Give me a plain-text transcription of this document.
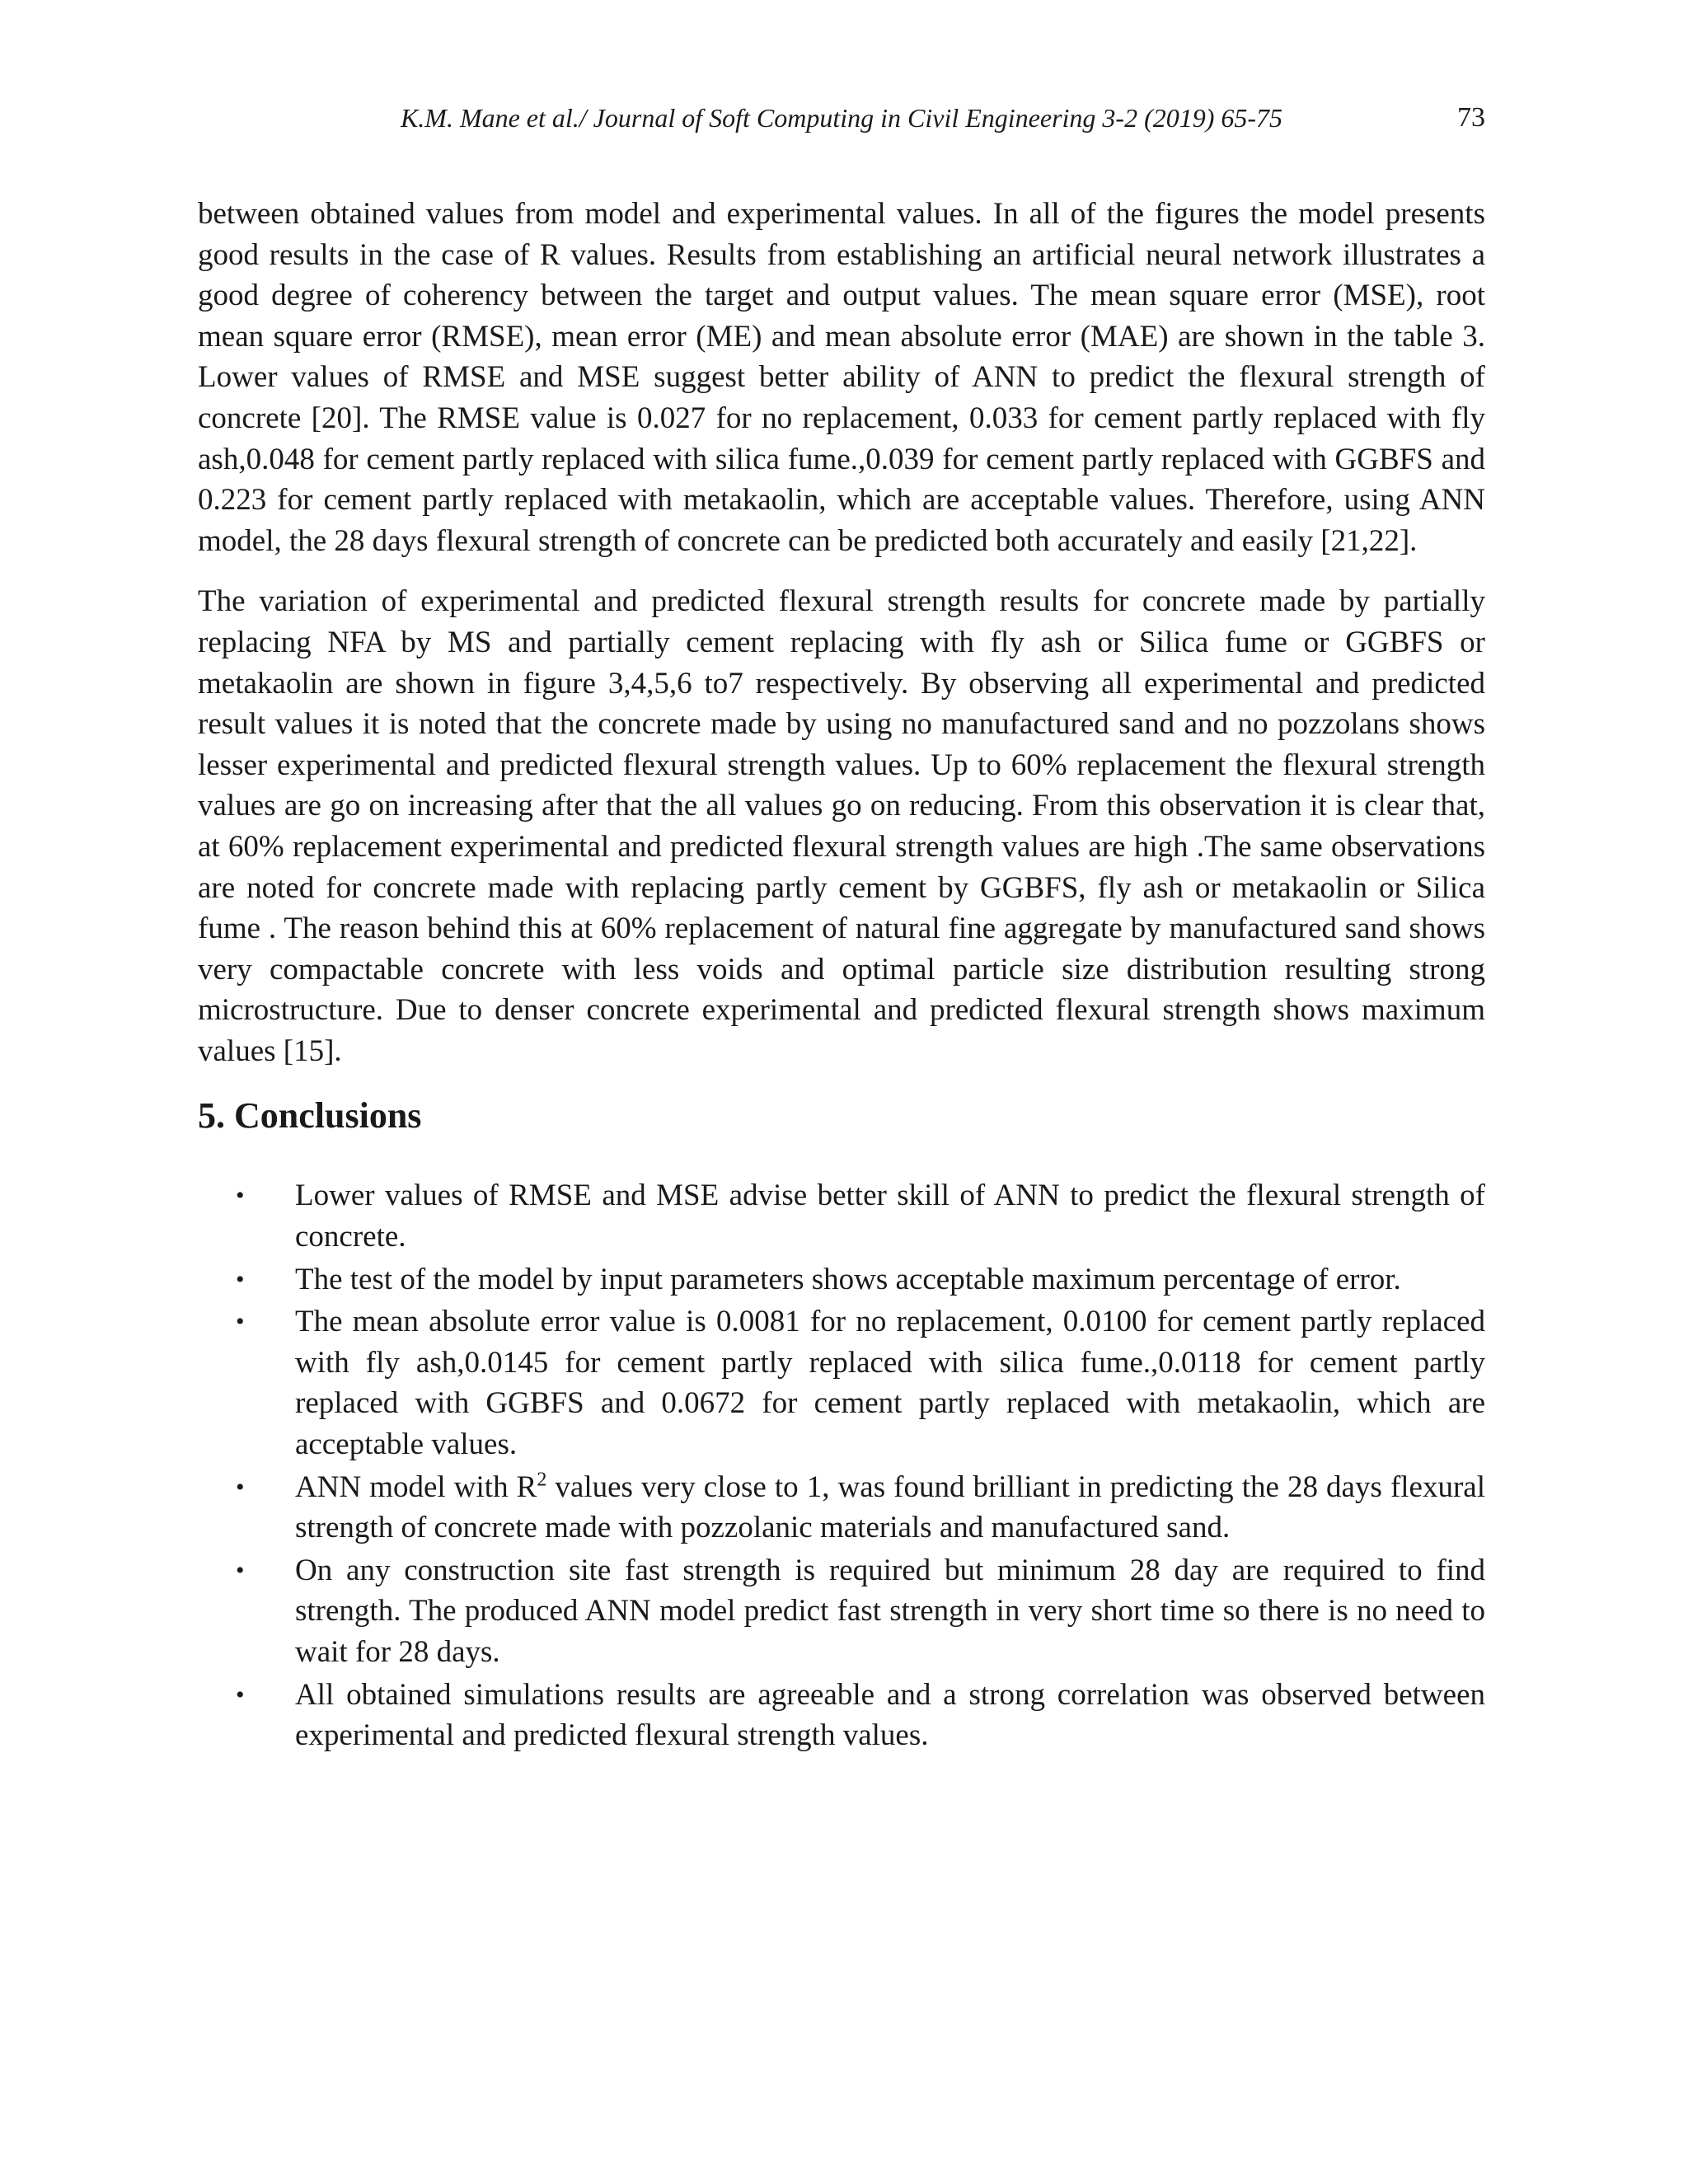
K.M. Mane et al./ Journal of Soft Computing in Civil Engineering 3-2 (2019) 65-75	73

between obtained values from model and experimental values. In all of the figures the model presents good results in the case of R values. Results from establishing an artificial neural network illustrates a good degree of coherency between the target and output values. The mean square error (MSE), root mean square error (RMSE), mean error (ME) and mean absolute error (MAE) are shown in the table 3. Lower values of RMSE and MSE suggest better ability of ANN to predict the flexural strength of concrete [20]. The RMSE value is 0.027 for no replacement, 0.033 for cement partly replaced with fly ash,0.048 for cement partly replaced with silica fume.,0.039 for cement partly replaced with GGBFS and 0.223 for cement partly replaced with metakaolin, which are acceptable values. Therefore, using ANN model, the 28 days flexural strength of concrete can be predicted both accurately and easily [21,22].

The variation of experimental and predicted flexural strength results for concrete made by partially replacing NFA by MS and partially cement replacing with fly ash or Silica fume or GGBFS or metakaolin are shown in figure 3,4,5,6 to7 respectively. By observing all experimental and predicted result values it is noted that the concrete made by using no manufactured sand and no pozzolans shows lesser experimental and predicted flexural strength values. Up to 60% replacement the flexural strength values are go on increasing after that the all values go on reducing. From this observation it is clear that, at 60% replacement experimental and predicted flexural strength values are high .The same observations are noted for concrete made with replacing partly cement by GGBFS, fly ash or metakaolin or Silica fume . The reason behind this at 60% replacement of natural fine aggregate by manufactured sand shows very compactable concrete with less voids and optimal particle size distribution resulting strong microstructure. Due to denser concrete experimental and predicted flexural strength shows maximum values [15].

5. Conclusions
• Lower values of RMSE and MSE advise better skill of ANN to predict the flexural strength of concrete.
• The test of the model by input parameters shows acceptable maximum percentage of error.
• The mean absolute error value is 0.0081 for no replacement, 0.0100 for cement partly replaced with fly ash,0.0145 for cement partly replaced with silica fume.,0.0118 for cement partly replaced with GGBFS and 0.0672 for cement partly replaced with metakaolin, which are acceptable values.
• ANN model with $R^2$ values very close to 1, was found brilliant in predicting the 28 days flexural strength of concrete made with pozzolanic materials and manufactured sand.
• On any construction site fast strength is required but minimum 28 day are required to find strength. The produced ANN model predict fast strength in very short time so there is no need to wait for 28 days.
• All obtained simulations results are agreeable and a strong correlation was observed between experimental and predicted flexural strength values.
